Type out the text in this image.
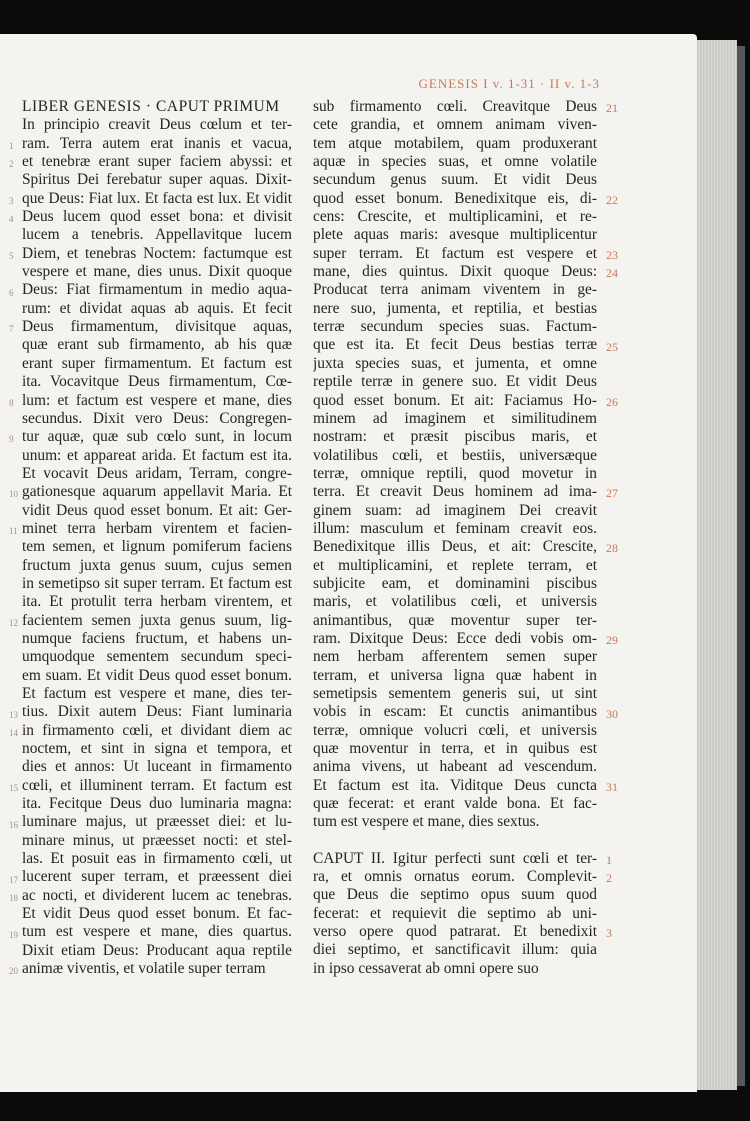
GENESIS I v. 1-31 · II v. 1-3
LIBER GENESIS · CAPUT PRIMUM
In principio creavit Deus cœlum et ter-
ram. Terra autem erat inanis et vacua,
et tenebræ erant super faciem abyssi: et
Spiritus Dei ferebatur super aquas. Dixit-
que Deus: Fiat lux. Et facta est lux. Et vidit
Deus lucem quod esset bona: et divisit
lucem a tenebris. Appellavitque lucem
Diem, et tenebras Noctem: factumque est
vespere et mane, dies unus. Dixit quoque
Deus: Fiat firmamentum in medio aqua-
rum: et dividat aquas ab aquis. Et fecit
Deus firmamentum, divisitque aquas,
quæ erant sub firmamento, ab his quæ
erant super firmamentum. Et factum est
ita. Vocavitque Deus firmamentum, Cœ-
lum: et factum est vespere et mane, dies
secundus. Dixit vero Deus: Congregen-
tur aquæ, quæ sub cœlo sunt, in locum
unum: et appareat arida. Et factum est ita.
Et vocavit Deus aridam, Terram, congre-
gationesque aquarum appellavit Maria. Et
vidit Deus quod esset bonum. Et ait: Ger-
minet terra herbam virentem et facien-
tem semen, et lignum pomiferum faciens
fructum juxta genus suum, cujus semen
in semetipso sit super terram. Et factum est
ita. Et protulit terra herbam virentem, et
facientem semen juxta genus suum, lig-
numque faciens fructum, et habens un-
umquodque sementem secundum speci-
em suam. Et vidit Deus quod esset bonum.
Et factum est vespere et mane, dies ter-
tius. Dixit autem Deus: Fiant luminaria
in firmamento cœli, et dividant diem ac
noctem, et sint in signa et tempora, et
dies et annos: Ut luceant in firmamento
cœli, et illuminent terram. Et factum est
ita. Fecitque Deus duo luminaria magna:
luminare majus, ut præesset diei: et lu-
minare minus, ut præesset nocti: et stel-
las. Et posuit eas in firmamento cœli, ut
lucerent super terram, et præessent diei
ac nocti, et dividerent lucem ac tenebras.
Et vidit Deus quod esset bonum. Et fac-
tum est vespere et mane, dies quartus.
Dixit etiam Deus: Producant aqua reptile
animæ viventis, et volatile super terram
1
2
3
4
5
6
7
8
9
10
11
12
13
14
15
16
17
18
19
20
sub firmamento cœli. Creavitque Deus
cete grandia, et omnem animam viven-
tem atque motabilem, quam produxerant
aquæ in species suas, et omne volatile
secundum genus suum. Et vidit Deus
quod esset bonum. Benedixitque eis, di-
cens: Crescite, et multiplicamini, et re-
plete aquas maris: avesque multiplicentur
super terram. Et factum est vespere et
mane, dies quintus. Dixit quoque Deus:
Producat terra animam viventem in ge-
nere suo, jumenta, et reptilia, et bestias
terræ secundum species suas. Factum-
que est ita. Et fecit Deus bestias terræ
juxta species suas, et jumenta, et omne
reptile terræ in genere suo. Et vidit Deus
quod esset bonum. Et ait: Faciamus Ho-
minem ad imaginem et similitudinem
nostram: et præsit piscibus maris, et
volatilibus cœli, et bestiis, universæque
terræ, omnique reptili, quod movetur in
terra. Et creavit Deus hominem ad ima-
ginem suam: ad imaginem Dei creavit
illum: masculum et feminam creavit eos.
Benedixitque illis Deus, et ait: Crescite,
et multiplicamini, et replete terram, et
subjicite eam, et dominamini piscibus
maris, et volatilibus cœli, et universis
animantibus, quæ moventur super ter-
ram. Dixitque Deus: Ecce dedi vobis om-
nem herbam afferentem semen super
terram, et universa ligna quæ habent in
semetipsis sementem generis sui, ut sint
vobis in escam: Et cunctis animantibus
terræ, omnique volucri cœli, et universis
quæ moventur in terra, et in quibus est
anima vivens, ut habeant ad vescendum.
Et factum est ita. Viditque Deus cuncta
quæ fecerat: et erant valde bona. Et fac-
tum est vespere et mane, dies sextus.
CAPUT II. Igitur perfecti sunt cœli et ter-
ra, et omnis ornatus eorum. Complevit-
que Deus die septimo opus suum quod
fecerat: et requievit die septimo ab uni-
verso opere quod patrarat. Et benedixit
diei septimo, et sanctificavit illum: quia
in ipso cessaverat ab omni opere suo
21
22
23
24
25
26
27
28
29
30
31
1
2
3
